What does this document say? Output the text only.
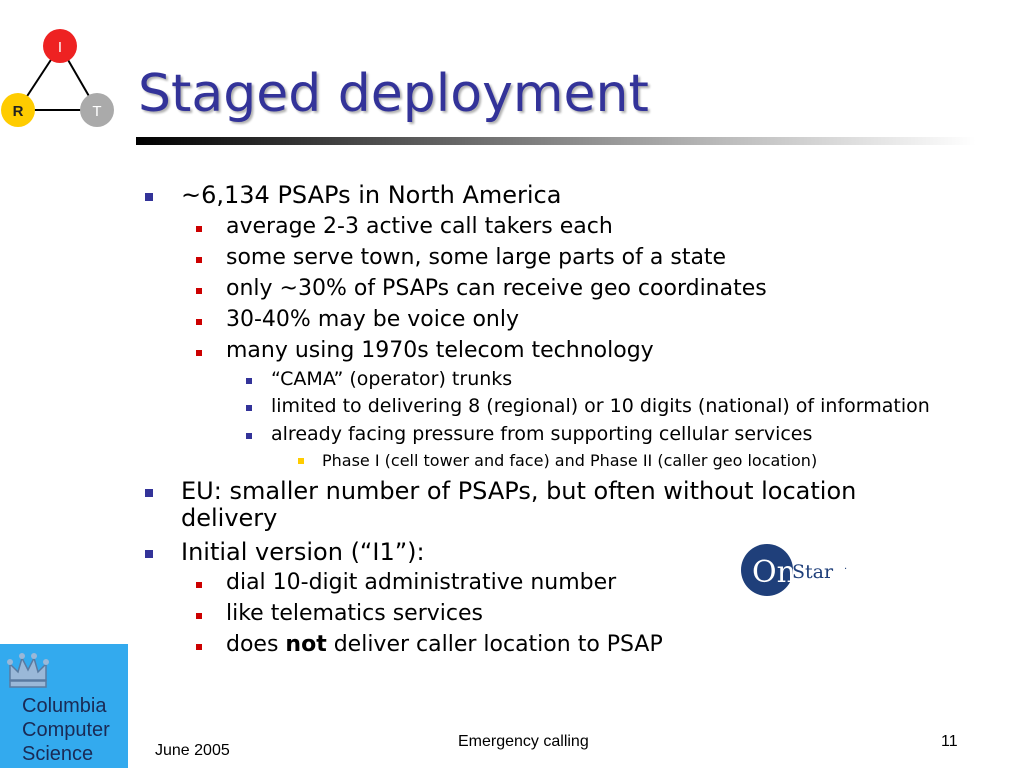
I
R	T Staged deployment
~6,134 PSAPs in North America
average 2-3 active call takers each
some serve town, some large parts of a state
only ~30% of PSAPs can receive geo coordinates
30-40% may be voice only
many using 1970s telecom technology
“CAMA” (operator) trunks
limited to delivering 8 (regional) or 10 digits (national) of information
already facing pressure from supporting cellular services
Phase I (cell tower and face) and Phase II (caller geo location)
EU: smaller number of PSAPs, but often without location
delivery
Initial version (“I1”):
dial 10-digit administrative number
like telematics services
does not deliver caller location to PSAP
On
Star ·
Columbia
Computer
Science	June 2005
Emergency calling	11
